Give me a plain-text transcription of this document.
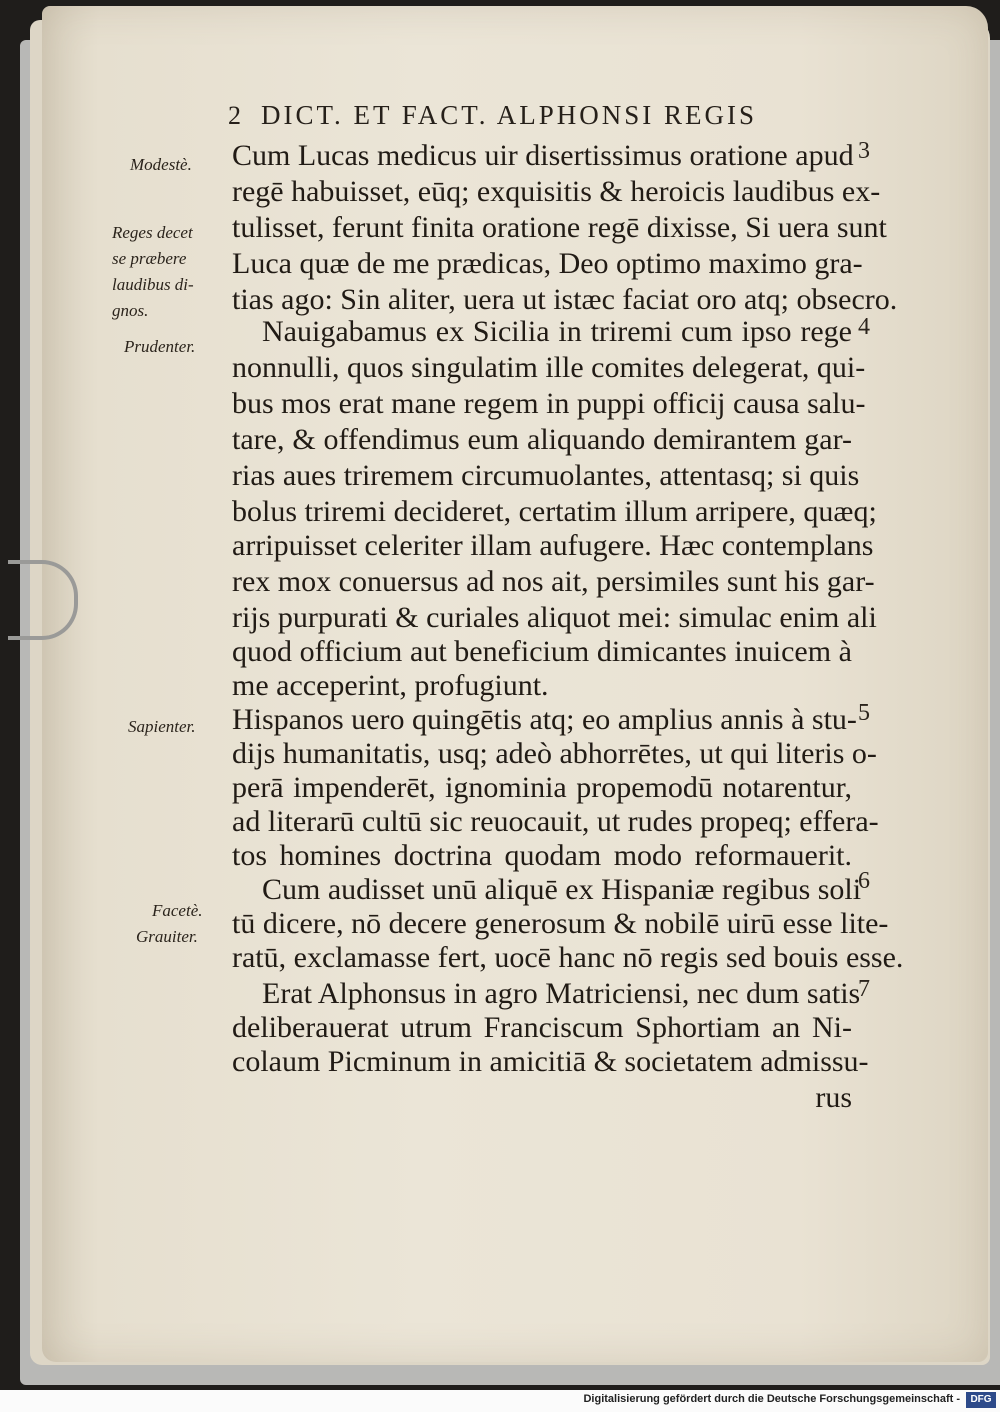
2 DICT. ET FACT. ALPHONSI REGIS
Cum Lucas medicus uir disertissimus oratione apud
regē habuisset, eūq; exquisitis & heroicis laudibus ex-
tulisset, ferunt finita oratione regē dixisse, Si uera sunt
Luca quæ de me prædicas, Deo optimo maximo gra-
tias ago: Sin aliter, uera ut istæc faciat oro atq; obsecro.
Nauigabamus ex Sicilia in triremi cum ipso rege
nonnulli, quos singulatim ille comites delegerat, qui-
bus mos erat mane regem in puppi officij causa salu-
tare, & offendimus eum aliquando demirantem gar-
rias aues triremem circumuolantes, attentasq; si quis
bolus triremi decideret, certatim illum arripere, quæq;
arripuisset celeriter illam aufugere. Hæc contemplans
rex mox conuersus ad nos ait, persimiles sunt his gar-
rijs purpurati & curiales aliquot mei: simulac enim ali
quod officium aut beneficium dimicantes inuicem à
me acceperint, profugiunt.
Hispanos uero quingētis atq; eo amplius annis à stu-
dijs humanitatis, usq; adeò abhorrētes, ut qui literis o-
perā impenderēt, ignominia propemodū notarentur,
ad literarū cultū sic reuocauit, ut rudes propeq; effera-
tos homines doctrina quodam modo reformauerit.
Cum audisset unū aliquē ex Hispaniæ regibus soli
tū dicere, nō decere generosum & nobilē uirū esse lite-
ratū, exclamasse fert, uocē hanc nō regis sed bouis esse.
Erat Alphonsus in agro Matriciensi, nec dum satis
deliberauerat utrum Franciscum Sphortiam an Ni-
colaum Picminum in amicitiā & societatem admissu-
rus
Modestè.
Reges decet
se præbere
laudibus di-
gnos.
Prudenter.
Sapienter.
Facetè.
Grauiter.
3
4
5
6
7
Digitalisierung gefördert durch die Deutsche Forschungsgemeinschaft -	DFG
